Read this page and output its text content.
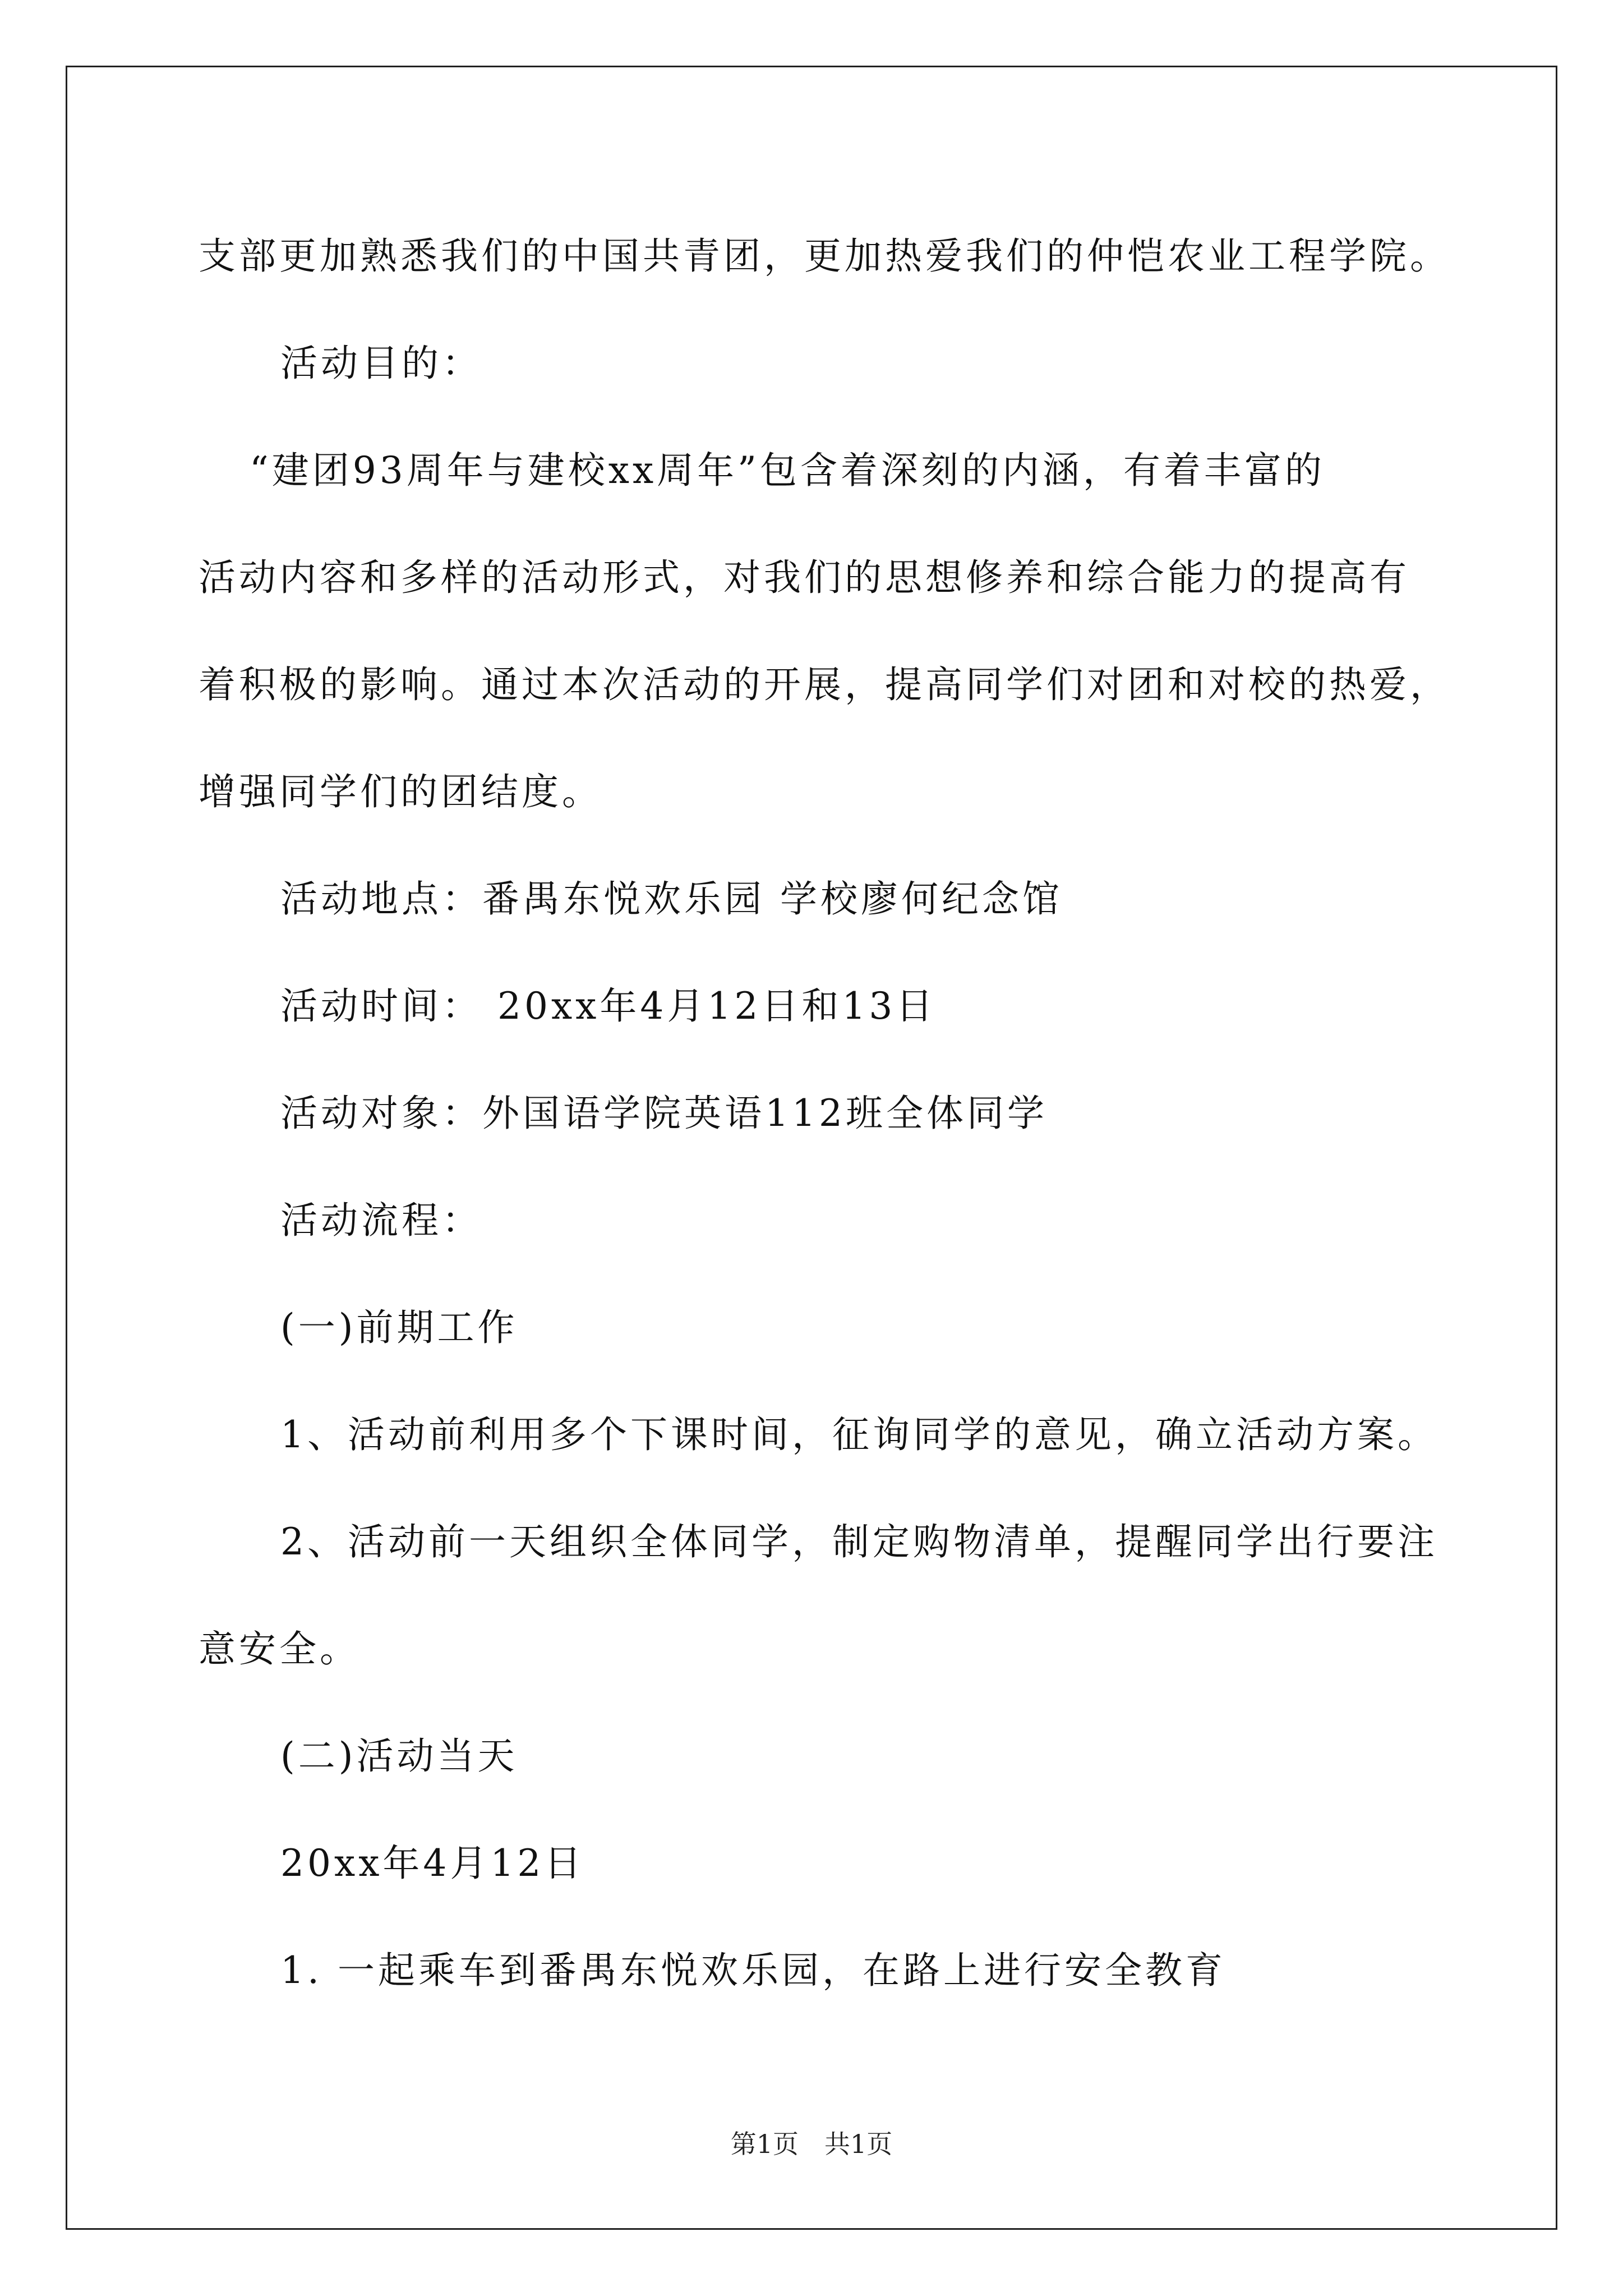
支部更加熟悉我们的中国共青团，更加热爱我们的仲恺农业工程学院。
活动目的：
“建团93周年与建校xx周年”包含着深刻的内涵，有着丰富的
活动内容和多样的活动形式，对我们的思想修养和综合能力的提高有
着积极的影响。通过本次活动的开展，提高同学们对团和对校的热爱，
增强同学们的团结度。
活动地点：番禺东悦欢乐园 学校廖何纪念馆
活动时间： 20xx年4月12日和13日
活动对象：外国语学院英语112班全体同学
活动流程：
(一)前期工作
1、活动前利用多个下课时间，征询同学的意见，确立活动方案。
2、活动前一天组织全体同学，制定购物清单，提醒同学出行要注
意安全。
(二)活动当天
20xx年4月12日
1. 一起乘车到番禺东悦欢乐园，在路上进行安全教育
第1页　共1页
